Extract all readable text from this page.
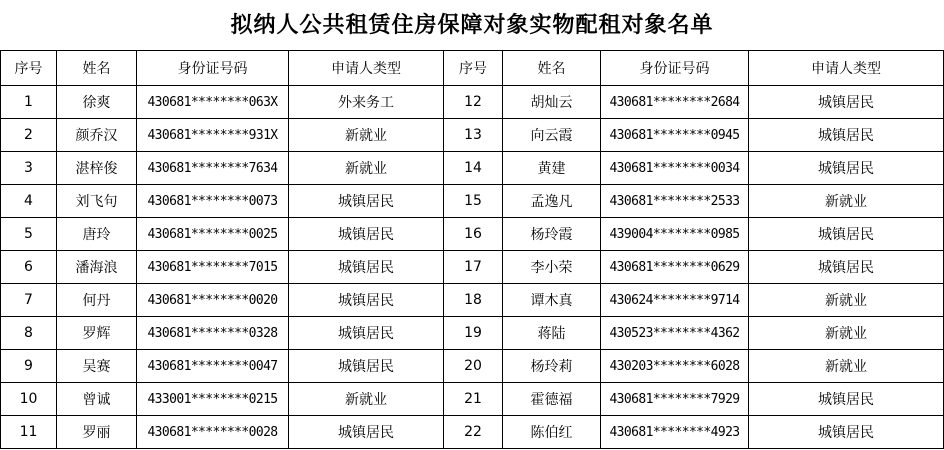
拟纳人公共租赁住房保障对象实物配租对象名单
序号	姓名	身份证号码	申请人类型	序号	姓名	身份证号码	申请人类型
1	徐爽	430681********063X	外来务工	12	胡灿云	430681********2684	城镇居民
2	颜乔汉	430681********931X	新就业	13	向云霞	430681********0945	城镇居民
3	湛梓俊	430681********7634	新就业	14	黄建	430681********0034	城镇居民
4	刘飞句	430681********0073	城镇居民	15	孟逸凡	430681********2533	新就业
5	唐玲	430681********0025	城镇居民	16	杨玲霞	439004********0985	城镇居民
6	潘海浪	430681********7015	城镇居民	17	李小荣	430681********0629	城镇居民
7	何丹	430681********0020	城镇居民	18	谭木真	430624********9714	新就业
8	罗辉	430681********0328	城镇居民	19	蒋陆	430523********4362	新就业
9	吴赛	430681********0047	城镇居民	20	杨玲莉	430203********6028	新就业
10	曾诚	433001********0215	新就业	21	霍德福	430681********7929	城镇居民
11	罗丽	430681********0028	城镇居民	22	陈伯红	430681********4923	城镇居民
